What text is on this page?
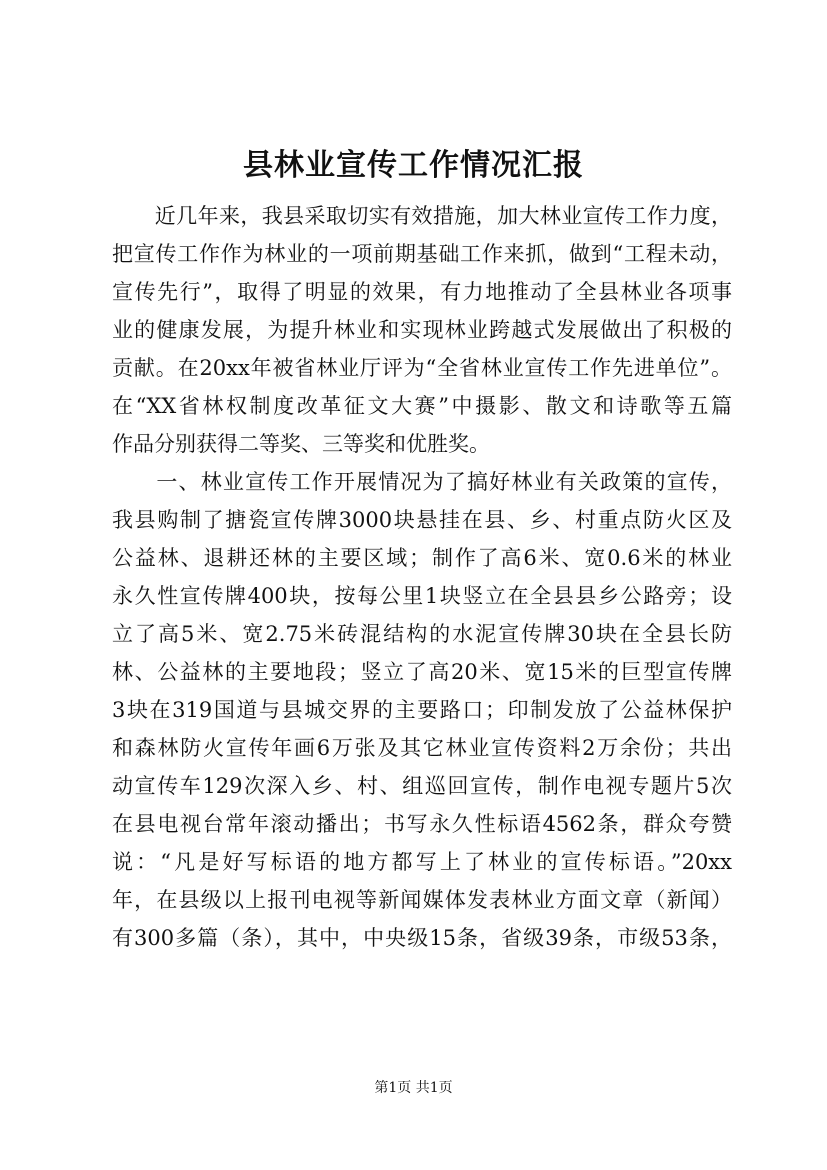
县林业宣传工作情况汇报
　　近几年来，我县采取切实有效措施，加大林业宣传工作力度，
把宣传工作作为林业的一项前期基础工作来抓，做到“工程未动，
宣传先行”，取得了明显的效果，有力地推动了全县林业各项事
业的健康发展，为提升林业和实现林业跨越式发展做出了积极的
贡献。在20xx年被省林业厅评为“全省林业宣传工作先进单位”。
在“XX省林权制度改革征文大赛”中摄影、散文和诗歌等五篇
作品分别获得二等奖、三等奖和优胜奖。
　　一、林业宣传工作开展情况为了搞好林业有关政策的宣传，
我县购制了搪瓷宣传牌3000块悬挂在县、乡、村重点防火区及
公益林、退耕还林的主要区域；制作了高6米、宽0.6米的林业
永久性宣传牌400块，按每公里1块竖立在全县县乡公路旁；设
立了高5米、宽2.75米砖混结构的水泥宣传牌30块在全县长防
林、公益林的主要地段；竖立了高20米、宽15米的巨型宣传牌
3块在319国道与县城交界的主要路口；印制发放了公益林保护
和森林防火宣传年画6万张及其它林业宣传资料2万余份；共出
动宣传车129次深入乡、村、组巡回宣传，制作电视专题片5次
在县电视台常年滚动播出；书写永久性标语4562条，群众夸赞
说：“凡是好写标语的地方都写上了林业的宣传标语。”20xx
年，在县级以上报刊电视等新闻媒体发表林业方面文章（新闻）
有300多篇（条），其中，中央级15条，省级39条，市级53条，
第1页 共1页
